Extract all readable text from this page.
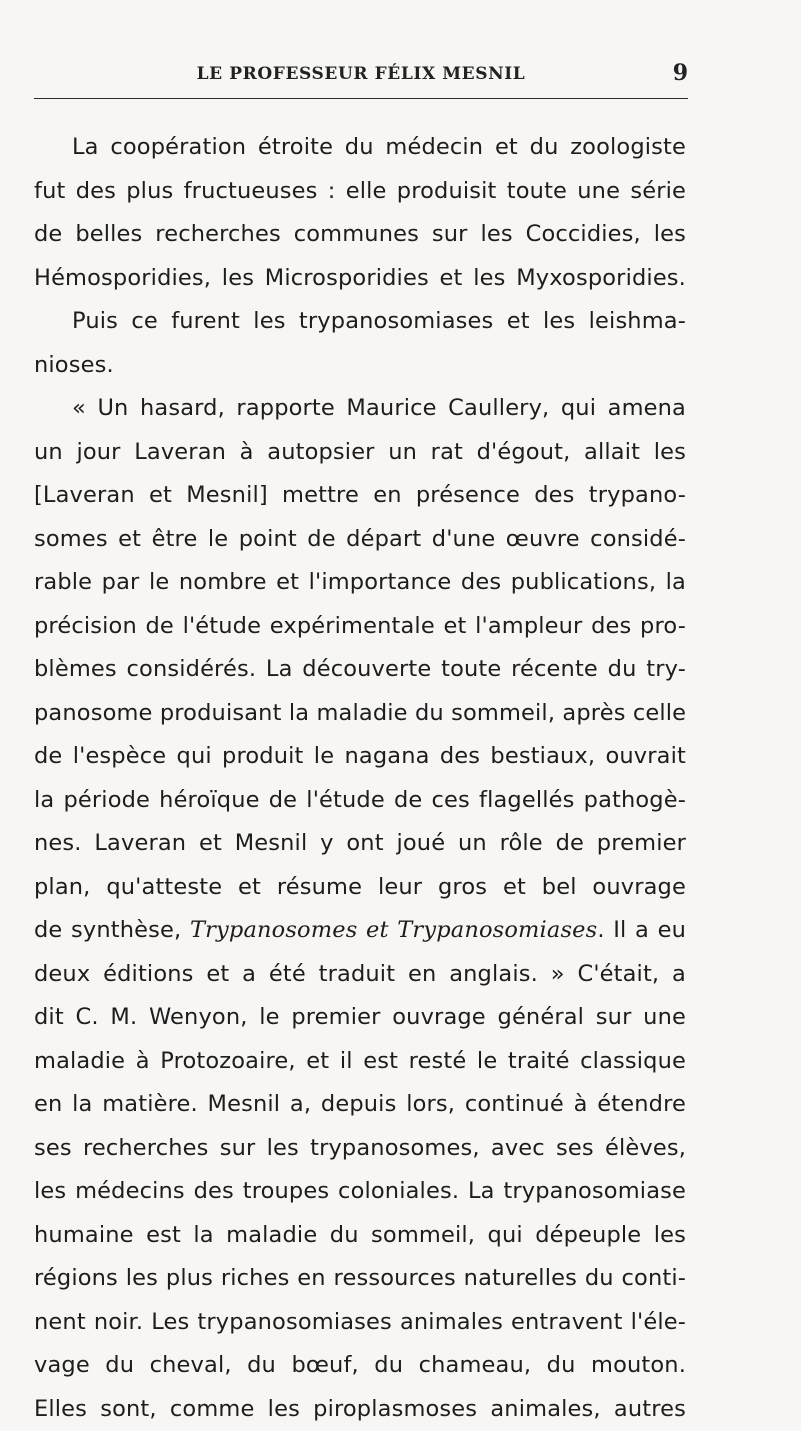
LE PROFESSEUR FÉLIX MESNIL	9
La coopération étroite du médecin et du zoologiste
fut des plus fructueuses : elle produisit toute une série
de belles recherches communes sur les Coccidies, les
Hémosporidies, les Microsporidies et les Myxosporidies.
Puis ce furent les trypanosomiases et les leishma-
nioses.
« Un hasard, rapporte Maurice Caullery, qui amena
un jour Laveran à autopsier un rat d'égout, allait les
[Laveran et Mesnil] mettre en présence des trypano-
somes et être le point de départ d'une œuvre considé-
rable par le nombre et l'importance des publications, la
précision de l'étude expérimentale et l'ampleur des pro-
blèmes considérés. La découverte toute récente du try-
panosome produisant la maladie du sommeil, après celle
de l'espèce qui produit le nagana des bestiaux, ouvrait
la période héroïque de l'étude de ces flagellés pathogè-
nes. Laveran et Mesnil y ont joué un rôle de premier
plan, qu'atteste et résume leur gros et bel ouvrage
de synthèse, Trypanosomes et Trypanosomiases. Il a eu
deux éditions et a été traduit en anglais. » C'était, a
dit C. M. Wenyon, le premier ouvrage général sur une
maladie à Protozoaire, et il est resté le traité classique
en la matière. Mesnil a, depuis lors, continué à étendre
ses recherches sur les trypanosomes, avec ses élèves,
les médecins des troupes coloniales. La trypanosomiase
humaine est la maladie du sommeil, qui dépeuple les
régions les plus riches en ressources naturelles du conti-
nent noir. Les trypanosomiases animales entravent l'éle-
vage du cheval, du bœuf, du chameau, du mouton.
Elles sont, comme les piroplasmoses animales, autres
